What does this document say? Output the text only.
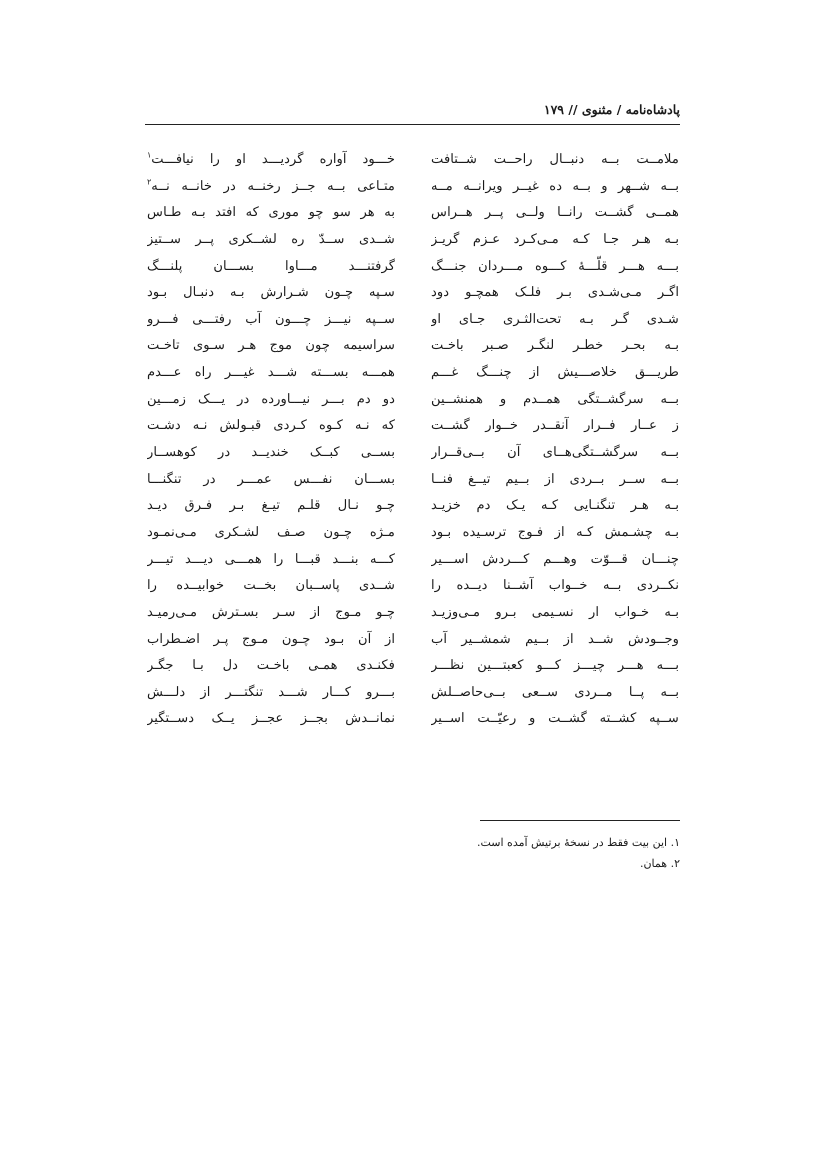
پادشاه‌نامه / مثنوی // ۱۷۹
ملامــت بــه دنبــال راحــت شــتافت
بــه شــهر و بــه ده غیــر ویرانــه مــه
همــی گشــت رانــا ولــی پــر هــراس
بـه هـر جـا کـه مـی‌کـرد عـزم گریـز
بـــه هـــر قلّـــهٔ کـــوه مـــردان جنـــگ
اگـر مـی‌شـدی بـر فلـک همچـو دود
شـدی گـر بـه تحت‌الثـری جـای او
بـه بحـر خطـر لنگـر صـبر باخـت
طریـــق خلاصـــیش از چنـــگ غـــم
بــه سرگشــتگی همــدم و همنشــین
ز عــار فــرار آنقــدر خــوار گشــت
بــه سرگشــتگی‌هــای آن بــی‌قــرار
بــه ســر بــردی از بــیم تیــغ فنــا
بـه هـر تنگنـایی کـه یـک دم خزیـد
بـه چشـمش کـه از فـوج ترسـیده بـود
چنـــان قـــوّت وهـــم کـــردش اســـیر
نکــردی بــه خــواب آشــنا دیــده را
بـه خـواب ار نسـیمی بـرو مـی‌وزیـد
وجــودش شــد از بــیم شمشــیر آب
بـــه هـــر چیـــز کـــو کعبتـــین نظـــر
بــه پــا مــردی ســعی بــی‌حاصــلش
ســپه کشــته گشــت و رعیّــت اســیر
خـــود آواره گردیـــد او را نیافـــت$^۱$
متـاعی بــه جــز رخنــه در خانــه نــه$^۲$
به هر سو چو موری که افتد بـه طـاس
شــدی ســدّ ره لشــکری پــر ســتیز
گرفتنـــد مـــاوا بســـان پلنـــگ
سـپه چـون شـرارش بـه دنبـال بـود
ســپه نیـــز چـــون آب رفتـــی فـــرو
سراسیمه چون موج هـر سـوی تاخـت
همـــه بســـته شـــد غیـــر راه عـــدم
دو دم بـــر نیـــاورده در یـــک زمـــین
که نـه کـوه کـردی قبـولش نـه دشـت
بســی کبــک خندیــد در کوهســار
بســـان نفـــس عمـــر در تنگنـــا
چـو نـال قلـم تیـغ بـر فـرق دیـد
مـژه چـون صـف لشـکری مـی‌نمـود
کـــه بنـــد قبـــا را همـــی دیـــد تیـــر
شــدی پاســبان بخــت خوابیــده را
چـو مـوج از سـر بسـترش مـی‌رمیـد
از آن بـود چـون مـوج پـر اضـطراب
فکنـدی همـی باخـت دل بـا جگـر
بـــرو کـــار شـــد تنگتـــر از دلـــش
نمانــدش بجــز عجــز یــک دســتگیر
۱. این بیت فقط در نسخهٔ برتیش آمده است.
۲. همان.
